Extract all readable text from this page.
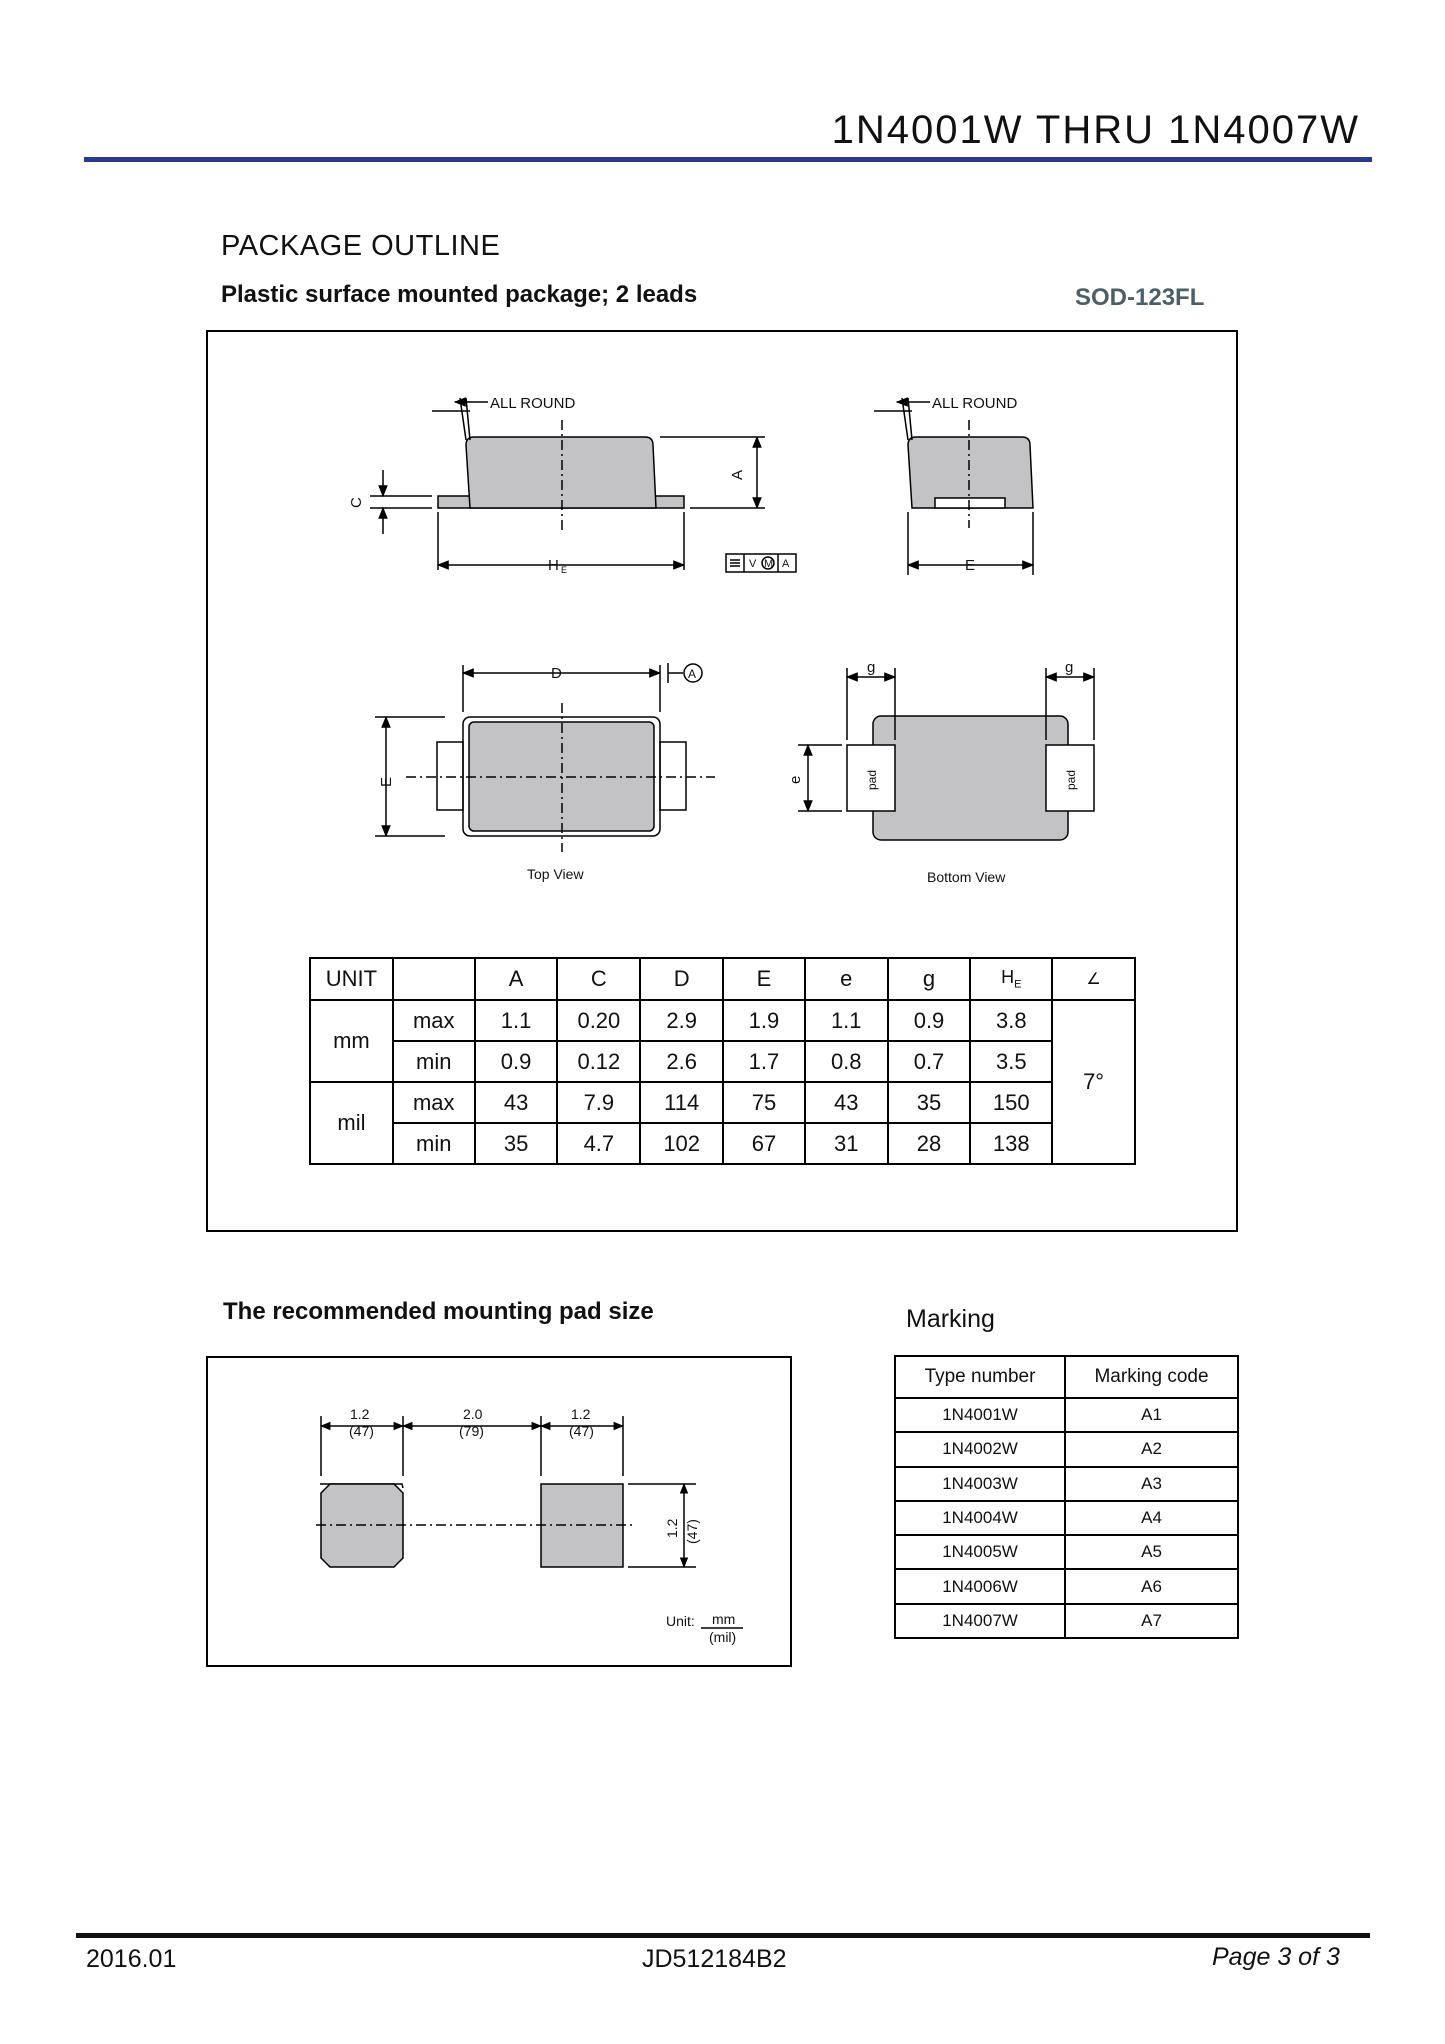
1N4001W THRU 1N4007W
PACKAGE OUTLINE
Plastic surface mounted package; 2 leads	SOD-123FL
ALL ROUND	ALL ROUND
C
A
H E	E
V M A
D	A
E
g	g
e	pad	pad
Top View	Bottom View
UNIT		A	C	D	E	e	g	$H_E$	∠
mm	max	1.1	0.20	2.9	1.9	1.1	0.9	3.8	7°
	min	0.9	0.12	2.6	1.7	0.8	0.7	3.5	
mil	max	43	7.9	114	75	43	35	150	
	min	35	4.7	102	67	31	28	138	
The recommended mounting pad size
1.2
(47)
2.0
(79)
1.2
(47)
1.2 (47)
Unit: mm
(mil)
Marking
Type number	Marking code
1N4001W	A1
1N4002W	A2
1N4003W	A3
1N4004W	A4
1N4005W	A5
1N4006W	A6
1N4007W	A7
2016.01	JD512184B2	Page 3 of 3
